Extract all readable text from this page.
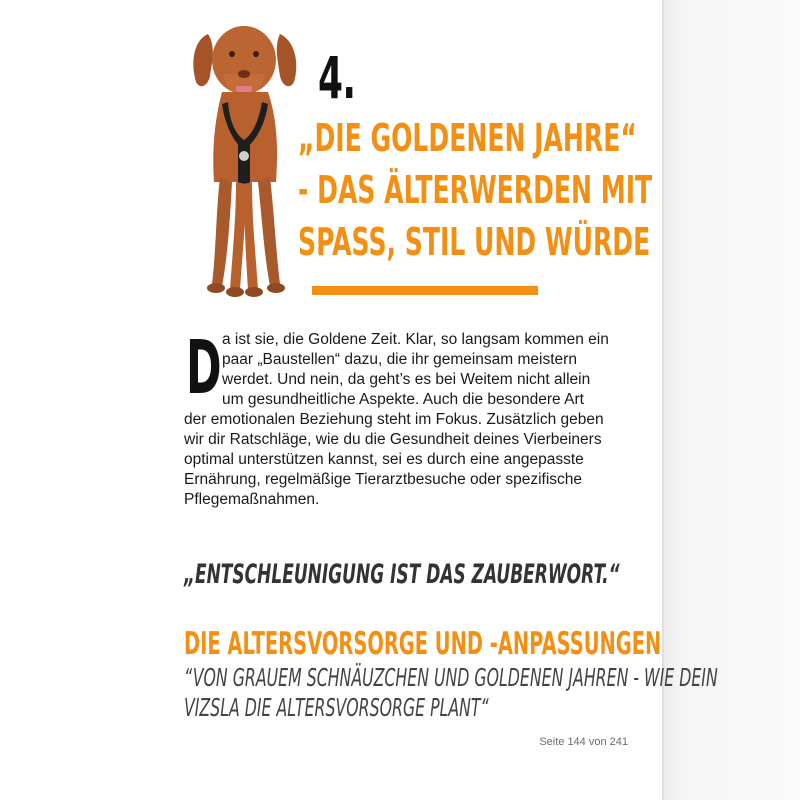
4.
„DIE GOLDENEN JAHRE“
- DAS ÄLTERWERDEN MIT
SPASS, STIL UND WÜRDE
D a ist sie, die Goldene Zeit. Klar, so langsam kommen ein
paar „Baustellen“ dazu, die ihr gemeinsam meistern
werdet. Und nein, da geht’s es bei Weitem nicht allein
um gesundheitliche Aspekte. Auch die besondere Art
der emotionalen Beziehung steht im Fokus. Zusätzlich geben
wir dir Ratschläge, wie du die Gesundheit deines Vierbeiners
optimal unterstützen kannst, sei es durch eine angepasste
Ernährung, regelmäßige Tierarztbesuche oder spezifische
Pflegemaßnahmen.
„ENTSCHLEUNIGUNG IST DAS ZAUBERWORT.“
DIE ALTERSVORSORGE UND -ANPASSUNGEN
“VON GRAUEM SCHNÄUZCHEN UND GOLDENEN JAHREN - WIE DEIN
VIZSLA DIE ALTERSVORSORGE PLANT“
Seite 144 von 241
